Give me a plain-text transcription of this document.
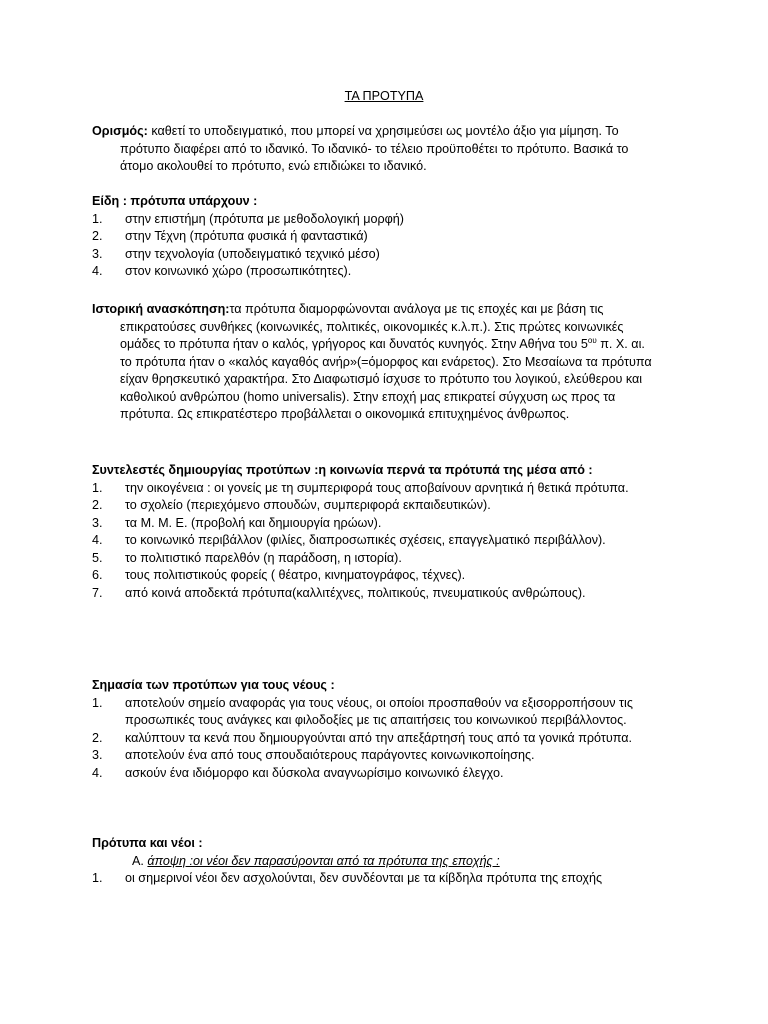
ΤΑ ΠΡΟΤΥΠΑ

Ορισμός: καθετί το υποδειγματικό, που μπορεί να χρησιμεύσει ως μοντέλο άξιο για μίμηση. Το πρότυπο διαφέρει από το ιδανικό. Το ιδανικό- το τέλειο προϋποθέτει το πρότυπο. Βασικά το άτομο ακολουθεί το πρότυπο, ενώ επιδιώκει το ιδανικό.

Είδη : πρότυπα υπάρχουν :

1.	στην επιστήμη (πρότυπα με μεθοδολογική μορφή)
2.	στην Τέχνη (πρότυπα φυσικά ή φανταστικά)
3.	στην τεχνολογία (υποδειγματικό τεχνικό μέσο)
4.	στον κοινωνικό χώρο (προσωπικότητες).

Ιστορική ανασκόπηση:τα πρότυπα διαμορφώνονται ανάλογα με τις εποχές και με βάση τις επικρατούσες συνθήκες (κοινωνικές, πολιτικές, οικονομικές κ.λ.π.). Στις πρώτες κοινωνικές ομάδες το πρότυπα ήταν ο καλός, γρήγορος και δυνατός κυνηγός. Στην Αθήνα του $5^{o\upsilon}$ π. Χ. αι. το πρότυπα ήταν ο «καλός καγαθός ανήρ»(=όμορφος και ενάρετος). Στο Μεσαίωνα τα πρότυπα είχαν θρησκευτικό χαρακτήρα. Στο Διαφωτισμό ίσχυσε το πρότυπο του λογικού, ελεύθερου και καθολικού ανθρώπου (homo universalis). Στην εποχή μας επικρατεί σύγχυση ως προς τα πρότυπα. Ως επικρατέστερο προβάλλεται ο οικονομικά επιτυχημένος άνθρωπος.

Συντελεστές δημιουργίας προτύπων :η κοινωνία περνά τα πρότυπά της μέσα από :

1.	την οικογένεια : οι γονείς με τη συμπεριφορά τους αποβαίνουν αρνητικά ή θετικά πρότυπα.
2.	το σχολείο (περιεχόμενο σπουδών, συμπεριφορά εκπαιδευτικών).
3.	τα Μ. Μ. Ε. (προβολή και δημιουργία ηρώων).
4.	το κοινωνικό περιβάλλον (φιλίες, διαπροσωπικές σχέσεις, επαγγελματικό περιβάλλον).
5.	το πολιτιστικό παρελθόν (η παράδοση, η ιστορία).
6.	τους πολιτιστικούς φορείς ( θέατρο, κινηματογράφος, τέχνες).
7.	από κοινά αποδεκτά πρότυπα(καλλιτέχνες, πολιτικούς, πνευματικούς ανθρώπους).

Σημασία των προτύπων για τους νέους :

1.	αποτελούν σημείο αναφοράς για τους νέους, οι οποίοι προσπαθούν να εξισορροπήσουν τις προσωπικές τους ανάγκες και φιλοδοξίες με τις απαιτήσεις του κοινωνικού περιβάλλοντος.
2.	καλύπτουν τα κενά που δημιουργούνται από την απεξάρτησή τους από τα γονικά πρότυπα.
3.	αποτελούν ένα από τους σπουδαιότερους παράγοντες κοινωνικοποίησης.
4.	ασκούν ένα ιδιόμορφο και δύσκολα αναγνωρίσιμο κοινωνικό έλεγχο.

Πρότυπα και νέοι :

Α. άποψη :οι νέοι δεν παρασύρονται από τα πρότυπα της εποχής :

1.	οι σημερινοί νέοι δεν ασχολούνται, δεν συνδέονται με τα κίβδηλα πρότυπα της εποχής
